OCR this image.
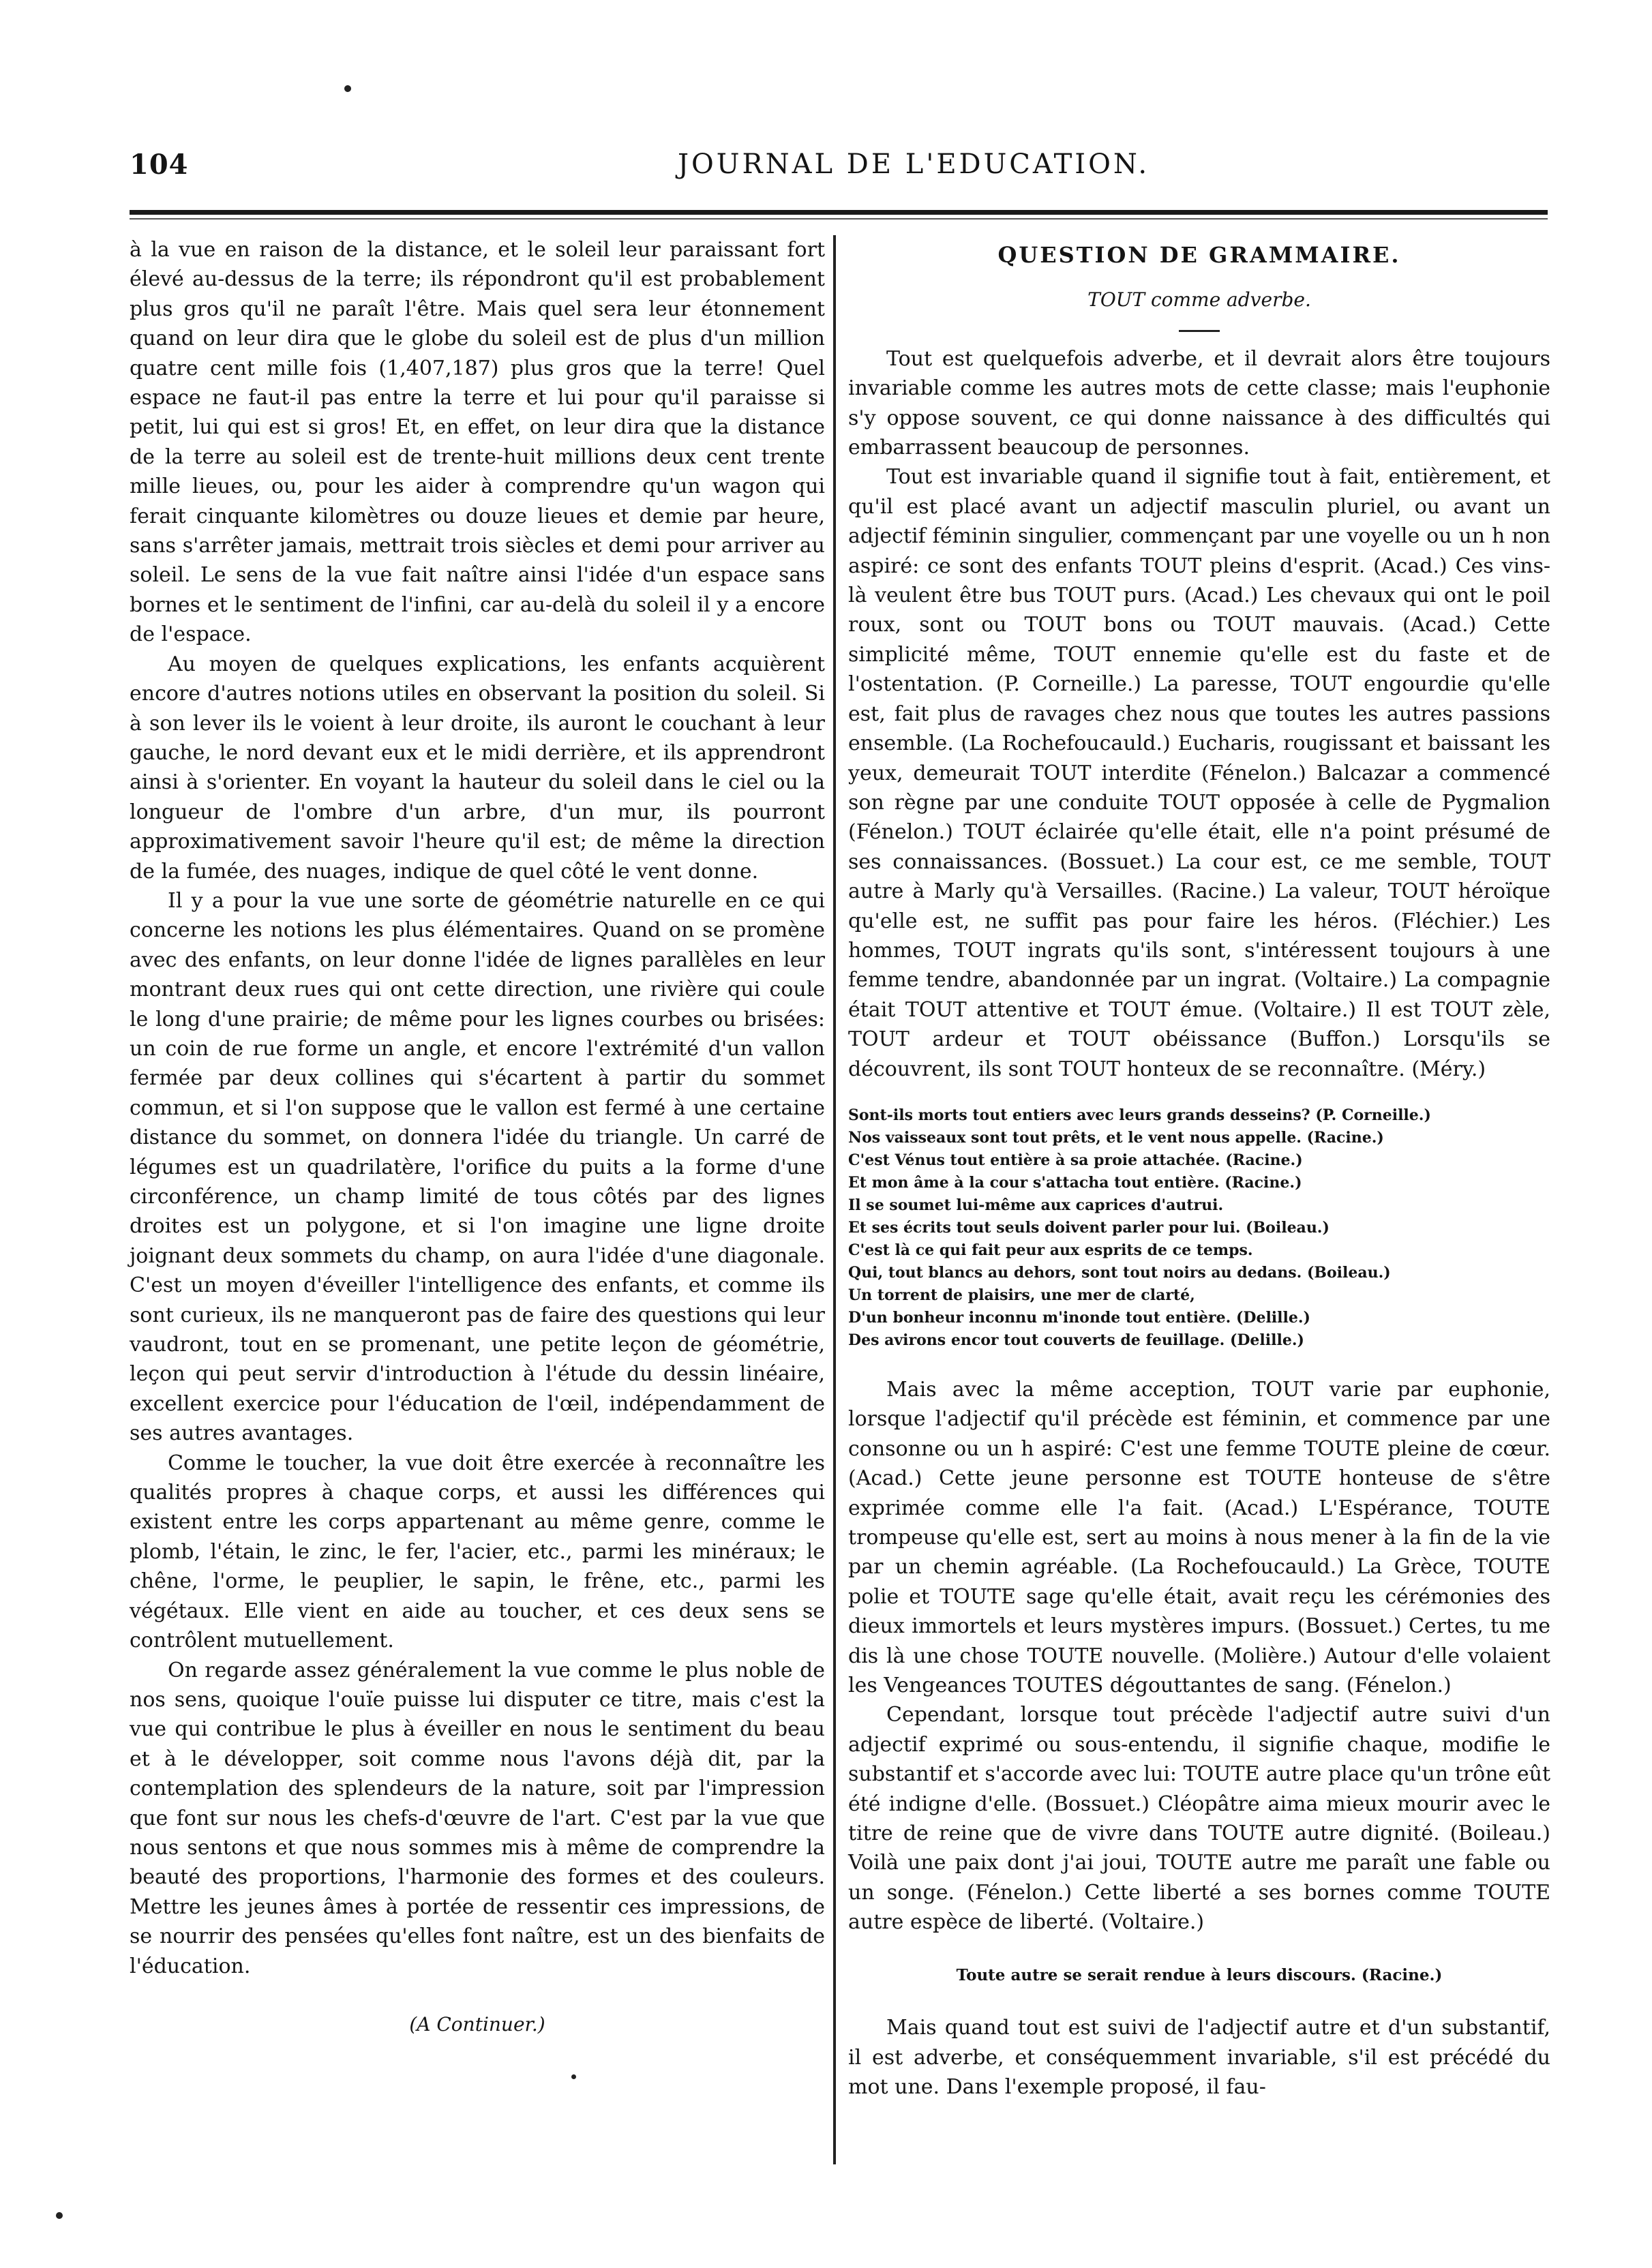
104	JOURNAL DE L'EDUCATION.

à la vue en raison de la distance, et le soleil leur paraissant fort élevé au-dessus de la terre; ils répondront qu'il est probablement plus gros qu'il ne paraît l'être. Mais quel sera leur étonnement quand on leur dira que le globe du soleil est de plus d'un million quatre cent mille fois (1,407,187) plus gros que la terre! Quel espace ne faut-il pas entre la terre et lui pour qu'il paraisse si petit, lui qui est si gros! Et, en effet, on leur dira que la distance de la terre au soleil est de trente-huit millions deux cent trente mille lieues, ou, pour les aider à comprendre qu'un wagon qui ferait cinquante kilomètres ou douze lieues et demie par heure, sans s'arrêter jamais, mettrait trois siècles et demi pour arriver au soleil. Le sens de la vue fait naître ainsi l'idée d'un espace sans bornes et le sentiment de l'infini, car au-delà du soleil il y a encore de l'espace.

Au moyen de quelques explications, les enfants acquièrent encore d'autres notions utiles en observant la position du soleil. Si à son lever ils le voient à leur droite, ils auront le couchant à leur gauche, le nord devant eux et le midi derrière, et ils apprendront ainsi à s'orienter. En voyant la hauteur du soleil dans le ciel ou la longueur de l'ombre d'un arbre, d'un mur, ils pourront approximativement savoir l'heure qu'il est; de même la direction de la fumée, des nuages, indique de quel côté le vent donne.

Il y a pour la vue une sorte de géométrie naturelle en ce qui concerne les notions les plus élémentaires. Quand on se promène avec des enfants, on leur donne l'idée de lignes parallèles en leur montrant deux rues qui ont cette direction, une rivière qui coule le long d'une prairie; de même pour les lignes courbes ou brisées: un coin de rue forme un angle, et encore l'extrémité d'un vallon fermée par deux collines qui s'écartent à partir du sommet commun, et si l'on suppose que le vallon est fermé à une certaine distance du sommet, on donnera l'idée du triangle. Un carré de légumes est un quadrilatère, l'orifice du puits a la forme d'une circonférence, un champ limité de tous côtés par des lignes droites est un polygone, et si l'on imagine une ligne droite joignant deux sommets du champ, on aura l'idée d'une diagonale. C'est un moyen d'éveiller l'intelligence des enfants, et comme ils sont curieux, ils ne manqueront pas de faire des questions qui leur vaudront, tout en se promenant, une petite leçon de géométrie, leçon qui peut servir d'introduction à l'étude du dessin linéaire, excellent exercice pour l'éducation de l'œil, indépendamment de ses autres avantages.

Comme le toucher, la vue doit être exercée à reconnaître les qualités propres à chaque corps, et aussi les différences qui existent entre les corps appartenant au même genre, comme le plomb, l'étain, le zinc, le fer, l'acier, etc., parmi les minéraux; le chêne, l'orme, le peuplier, le sapin, le frêne, etc., parmi les végétaux. Elle vient en aide au toucher, et ces deux sens se contrôlent mutuellement.

On regarde assez généralement la vue comme le plus noble de nos sens, quoique l'ouïe puisse lui disputer ce titre, mais c'est la vue qui contribue le plus à éveiller en nous le sentiment du beau et à le développer, soit comme nous l'avons déjà dit, par la contemplation des splendeurs de la nature, soit par l'impression que font sur nous les chefs-d'œuvre de l'art. C'est par la vue que nous sentons et que nous sommes mis à même de comprendre la beauté des proportions, l'harmonie des formes et des couleurs. Mettre les jeunes âmes à portée de ressentir ces impressions, de se nourrir des pensées qu'elles font naître, est un des bienfaits de l'éducation.

(A Continuer.)
QUESTION DE GRAMMAIRE.
TOUT comme adverbe.

Tout est quelquefois adverbe, et il devrait alors être toujours invariable comme les autres mots de cette classe; mais l'euphonie s'y oppose souvent, ce qui donne naissance à des difficultés qui embarrassent beaucoup de personnes.

Tout est invariable quand il signifie tout à fait, entièrement, et qu'il est placé avant un adjectif masculin pluriel, ou avant un adjectif féminin singulier, commençant par une voyelle ou un h non aspiré: ce sont des enfants TOUT pleins d'esprit. (Acad.) Ces vins-là veulent être bus TOUT purs. (Acad.) Les chevaux qui ont le poil roux, sont ou TOUT bons ou TOUT mauvais. (Acad.) Cette simplicité même, TOUT ennemie qu'elle est du faste et de l'ostentation. (P. Corneille.) La paresse, TOUT engourdie qu'elle est, fait plus de ravages chez nous que toutes les autres passions ensemble. (La Rochefoucauld.) Eucharis, rougissant et baissant les yeux, demeurait TOUT interdite (Fénelon.) Balcazar a commencé son règne par une conduite TOUT opposée à celle de Pygmalion (Fénelon.) TOUT éclairée qu'elle était, elle n'a point présumé de ses connaissances. (Bossuet.) La cour est, ce me semble, TOUT autre à Marly qu'à Versailles. (Racine.) La valeur, TOUT héroïque qu'elle est, ne suffit pas pour faire les héros. (Fléchier.) Les hommes, TOUT ingrats qu'ils sont, s'intéressent toujours à une femme tendre, abandonnée par un ingrat. (Voltaire.) La compagnie était TOUT attentive et TOUT émue. (Voltaire.) Il est TOUT zèle, TOUT ardeur et TOUT obéissance (Buffon.) Lorsqu'ils se découvrent, ils sont TOUT honteux de se reconnaître. (Méry.)

Sont-ils morts tout entiers avec leurs grands desseins? (P. Corneille.)
Nos vaisseaux sont tout prêts, et le vent nous appelle. (Racine.)
C'est Vénus tout entière à sa proie attachée. (Racine.)
Et mon âme à la cour s'attacha tout entière. (Racine.)
Il se soumet lui-même aux caprices d'autrui.
Et ses écrits tout seuls doivent parler pour lui. (Boileau.)
C'est là ce qui fait peur aux esprits de ce temps.
Qui, tout blancs au dehors, sont tout noirs au dedans. (Boileau.)
Un torrent de plaisirs, une mer de clarté,
D'un bonheur inconnu m'inonde tout entière. (Delille.)
Des avirons encor tout couverts de feuillage. (Delille.)

Mais avec la même acception, TOUT varie par euphonie, lorsque l'adjectif qu'il précède est féminin, et commence par une consonne ou un h aspiré: C'est une femme TOUTE pleine de cœur. (Acad.) Cette jeune personne est TOUTE honteuse de s'être exprimée comme elle l'a fait. (Acad.) L'Espérance, TOUTE trompeuse qu'elle est, sert au moins à nous mener à la fin de la vie par un chemin agréable. (La Rochefoucauld.) La Grèce, TOUTE polie et TOUTE sage qu'elle était, avait reçu les cérémonies des dieux immortels et leurs mystères impurs. (Bossuet.) Certes, tu me dis là une chose TOUTE nouvelle. (Molière.) Autour d'elle volaient les Vengeances TOUTES dégouttantes de sang. (Fénelon.)

Cependant, lorsque tout précède l'adjectif autre suivi d'un adjectif exprimé ou sous-entendu, il signifie chaque, modifie le substantif et s'accorde avec lui: TOUTE autre place qu'un trône eût été indigne d'elle. (Bossuet.) Cléopâtre aima mieux mourir avec le titre de reine que de vivre dans TOUTE autre dignité. (Boileau.) Voilà une paix dont j'ai joui, TOUTE autre me paraît une fable ou un songe. (Fénelon.) Cette liberté a ses bornes comme TOUTE autre espèce de liberté. (Voltaire.)

Toute autre se serait rendue à leurs discours. (Racine.)

Mais quand tout est suivi de l'adjectif autre et d'un substantif, il est adverbe, et conséquemment invariable, s'il est précédé du mot une. Dans l'exemple proposé, il fau-
